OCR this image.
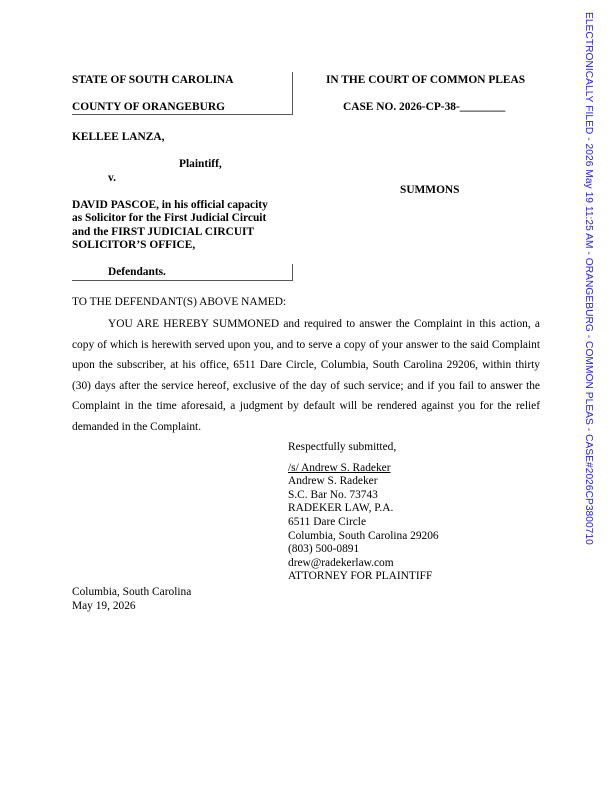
ELECTRONICALLY FILED - 2026 May 19 11:25 AM - ORANGEBURG - COMMON PLEAS - CASE#2026CP3800710
STATE OF SOUTH CAROLINA
COUNTY OF ORANGEBURG
IN THE COURT OF COMMON PLEAS
CASE NO. 2026-CP-38-________
KELLEE LANZA,
Plaintiff,
v.
DAVID PASCOE, in his official capacity
as Solicitor for the First Judicial Circuit
and the FIRST JUDICIAL CIRCUIT
SOLICITOR’S OFFICE,
Defendants.
SUMMONS
TO THE DEFENDANT(S) ABOVE NAMED:

YOU ARE HEREBY SUMMONED and required to answer the Complaint in this action, a copy of which is herewith served upon you, and to serve a copy of your answer to the said Complaint upon the subscriber, at his office, 6511 Dare Circle, Columbia, South Carolina 29206, within thirty (30) days after the service hereof, exclusive of the day of such service; and if you fail to answer the Complaint in the time aforesaid, a judgment by default will be rendered against you for the relief demanded in the Complaint.

Respectfully submitted,
/s/ Andrew S. Radeker
Andrew S. Radeker
S.C. Bar No. 73743
RADEKER LAW, P.A.
6511 Dare Circle
Columbia, South Carolina 29206
(803) 500-0891
drew@radekerlaw.com
ATTORNEY FOR PLAINTIFF
Columbia, South Carolina
May 19, 2026
